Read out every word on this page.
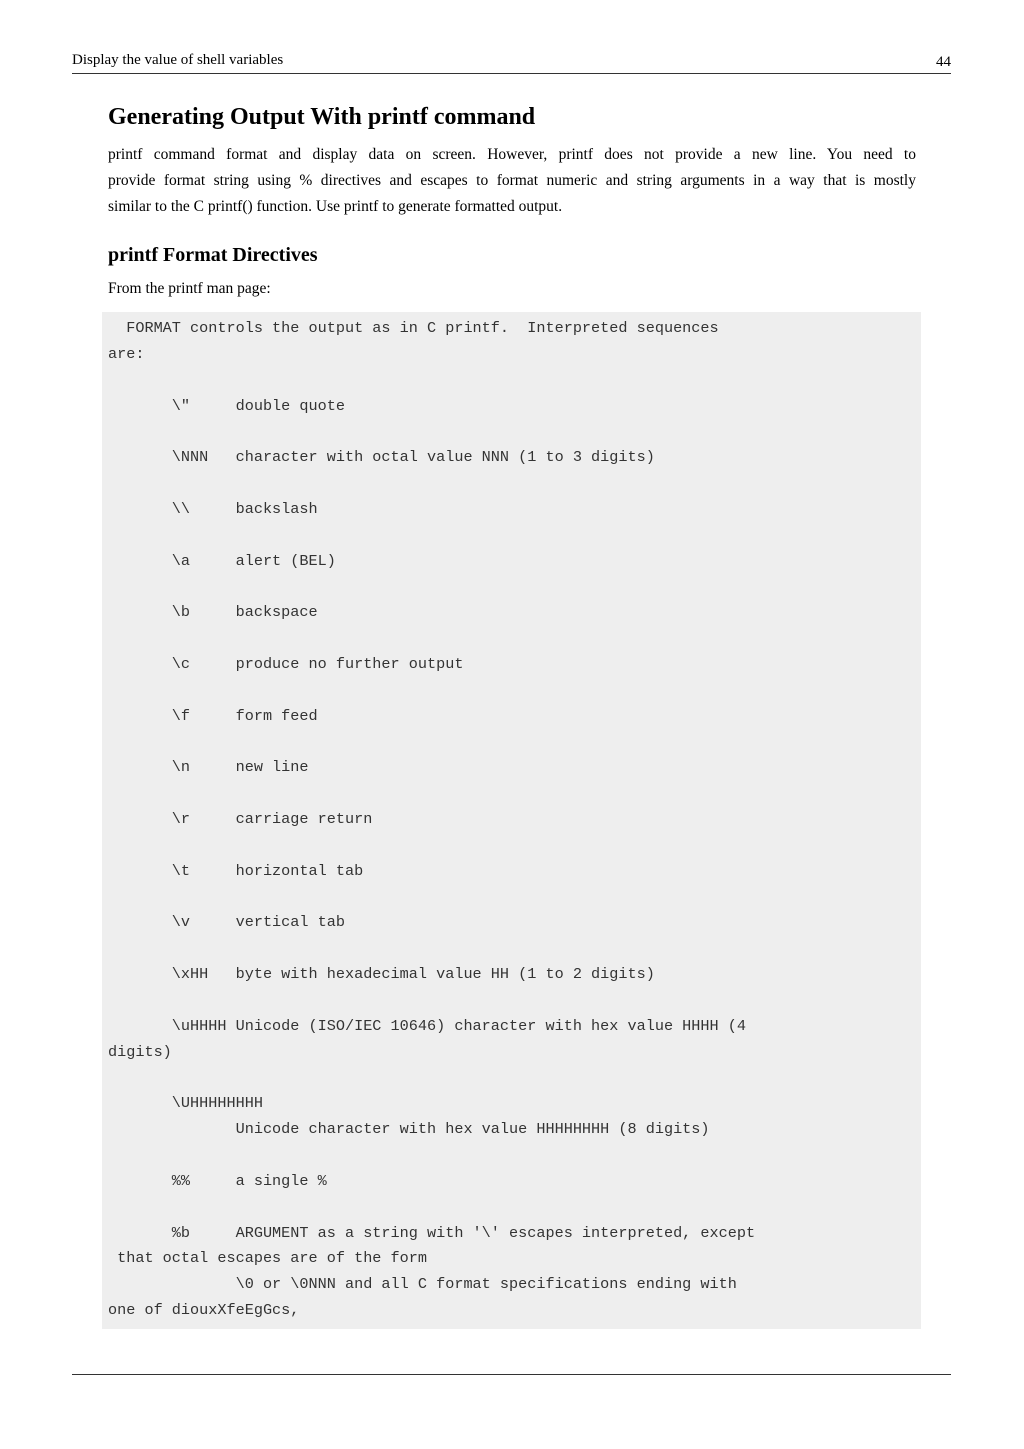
Display the value of shell variables	44
Generating Output With printf command

printf command format and display data on screen. However, printf does not provide a new line. You need to
provide format string using % directives and escapes to format numeric and string arguments in a way that is mostly
similar to the C printf() function. Use printf to generate formatted output.

printf Format Directives

From the printf man page:

FORMAT controls the output as in C printf.  Interpreted sequences
are:

\"     double quote

\NNN   character with octal value NNN (1 to 3 digits)

\\     backslash

\a     alert (BEL)

\b     backspace

\c     produce no further output

\f     form feed

\n     new line

\r     carriage return

\t     horizontal tab

\v     vertical tab

\xHH   byte with hexadecimal value HH (1 to 2 digits)

\uHHHH Unicode (ISO/IEC 10646) character with hex value HHHH (4
digits)

\UHHHHHHHH
Unicode character with hex value HHHHHHHH (8 digits)

%%     a single %

%b     ARGUMENT as a string with '\' escapes interpreted, except
that octal escapes are of the form
\0 or \0NNN and all C format specifications ending with
one of diouxXfeEgGcs,
